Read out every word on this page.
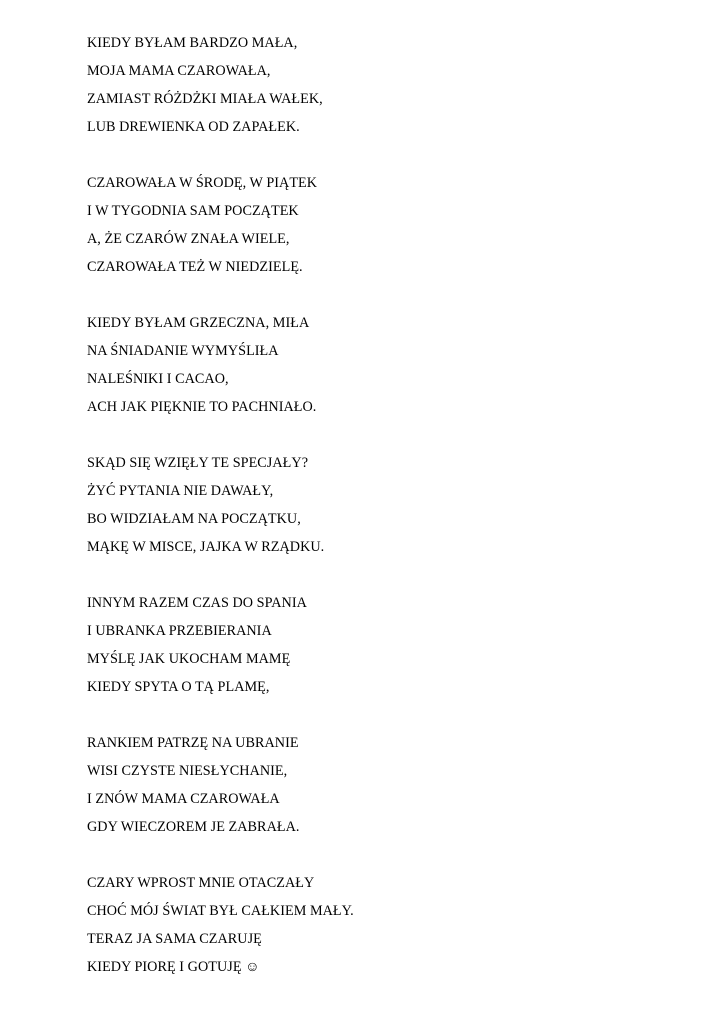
KIEDY BYŁAM BARDZO MAŁA,
MOJA MAMA CZAROWAŁA,
ZAMIAST RÓŻDŻKI MIAŁA WAŁEK,
LUB DREWIENKA OD ZAPAŁEK.
CZAROWAŁA W ŚRODĘ, W PIĄTEK
I W TYGODNIA SAM POCZĄTEK
A, ŻE CZARÓW ZNAŁA WIELE,
CZAROWAŁA TEŻ W NIEDZIELĘ.
KIEDY BYŁAM GRZECZNA, MIŁA
NA ŚNIADANIE WYMYŚLIŁA
NALEŚNIKI I CACAO,
ACH JAK PIĘKNIE TO PACHNIAŁO.
SKĄD SIĘ WZIĘŁY TE SPECJAŁY?
ŻYĆ PYTANIA NIE DAWAŁY,
BO WIDZIAŁAM NA POCZĄTKU,
MĄKĘ W MISCE, JAJKA W RZĄDKU.
INNYM RAZEM CZAS DO SPANIA
I UBRANKA PRZEBIERANIA
MYŚLĘ JAK UKOCHAM MAMĘ
KIEDY SPYTA O TĄ PLAMĘ,
RANKIEM PATRZĘ NA UBRANIE
WISI CZYSTE NIESŁYCHANIE,
I ZNÓW MAMA CZAROWAŁA
GDY WIECZOREM JE ZABRAŁA.
CZARY WPROST MNIE OTACZAŁY
CHOĆ MÓJ ŚWIAT BYŁ CAŁKIEM MAŁY.
TERAZ JA SAMA CZARUJĘ
KIEDY PIORĘ I GOTUJĘ ☺
